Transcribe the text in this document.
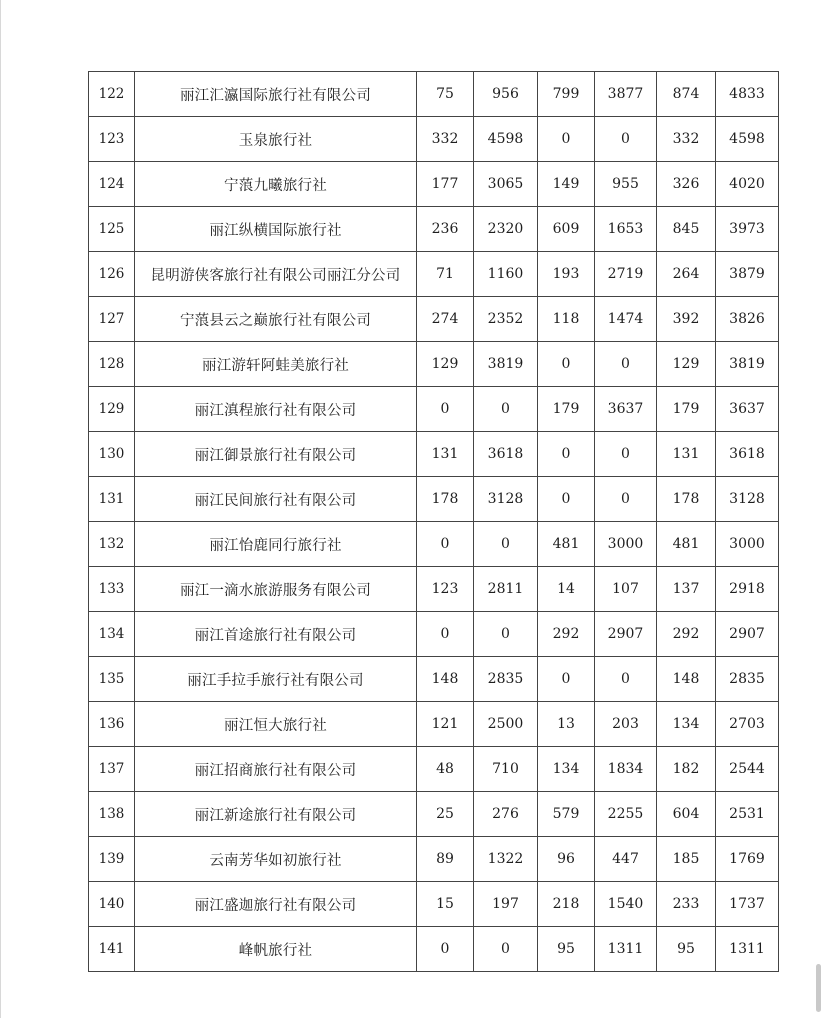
122	丽江汇瀛国际旅行社有限公司	75	956	799	3877	874	4833
123	玉泉旅行社	332	4598	0	0	332	4598
124	宁蒗九曦旅行社	177	3065	149	955	326	4020
125	丽江纵横国际旅行社	236	2320	609	1653	845	3973
126	昆明游侠客旅行社有限公司丽江分公司	71	1160	193	2719	264	3879
127	宁蒗县云之巅旅行社有限公司	274	2352	118	1474	392	3826
128	丽江游轩阿蛙美旅行社	129	3819	0	0	129	3819
129	丽江滇程旅行社有限公司	0	0	179	3637	179	3637
130	丽江御景旅行社有限公司	131	3618	0	0	131	3618
131	丽江民间旅行社有限公司	178	3128	0	0	178	3128
132	丽江怡鹿同行旅行社	0	0	481	3000	481	3000
133	丽江一滴水旅游服务有限公司	123	2811	14	107	137	2918
134	丽江首途旅行社有限公司	0	0	292	2907	292	2907
135	丽江手拉手旅行社有限公司	148	2835	0	0	148	2835
136	丽江恒大旅行社	121	2500	13	203	134	2703
137	丽江招商旅行社有限公司	48	710	134	1834	182	2544
138	丽江新途旅行社有限公司	25	276	579	2255	604	2531
139	云南芳华如初旅行社	89	1322	96	447	185	1769
140	丽江盛迦旅行社有限公司	15	197	218	1540	233	1737
141	峰帆旅行社	0	0	95	1311	95	1311
